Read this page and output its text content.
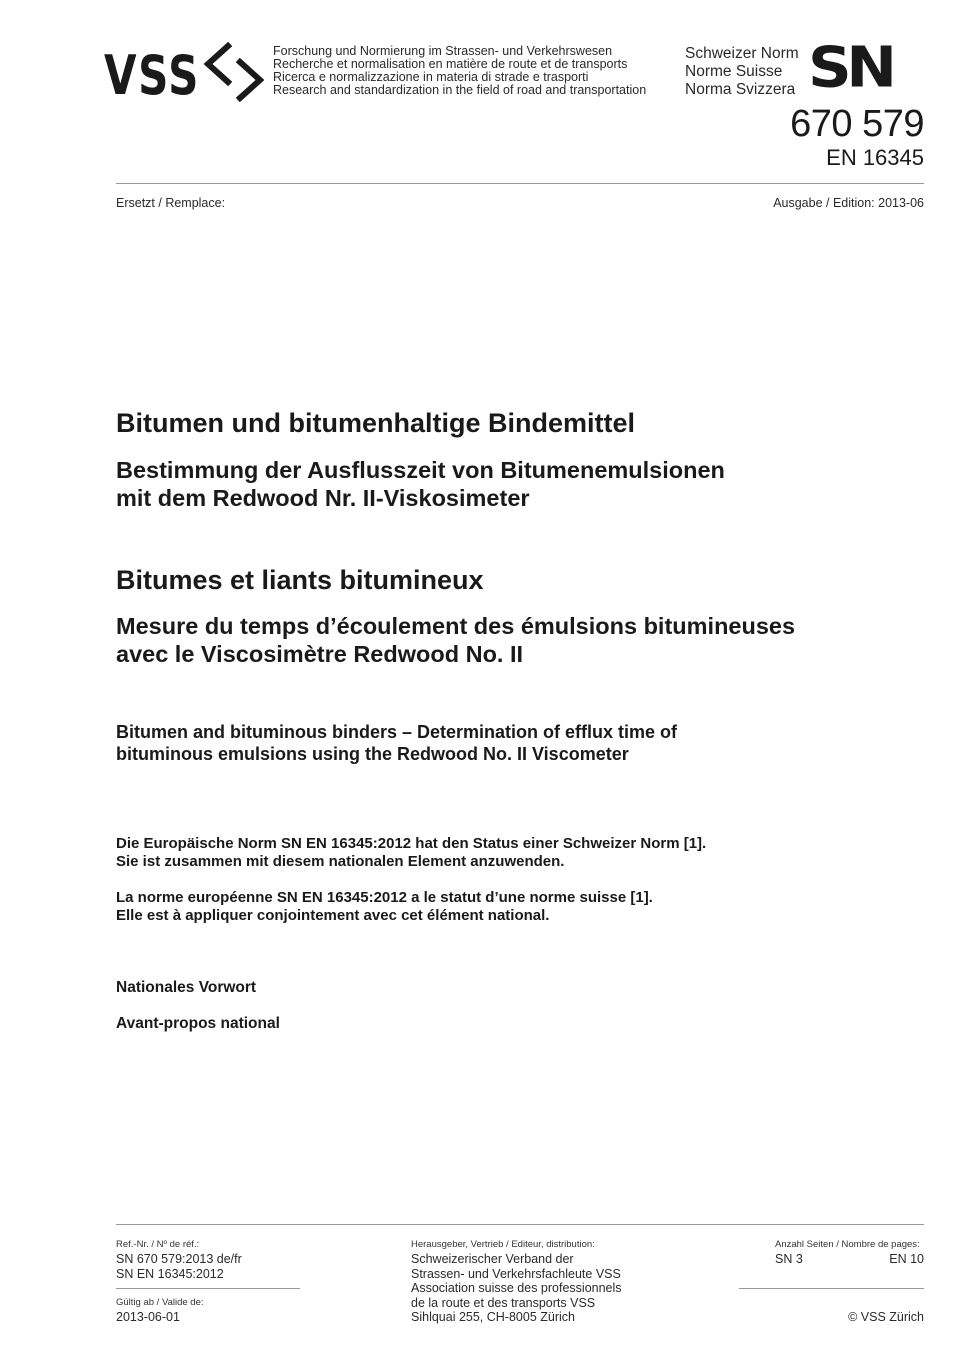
VSS	Forschung und Normierung im Strassen- und Verkehrswesen
Recherche et normalisation en matière de route et de transports
Ricerca e normalizzazione in materia di strade e trasporti
Research and standardization in the field of road and transportation
Schweizer Norm
Norme Suisse
Norma Svizzera SN
670 579
EN 16345
Ersetzt / Remplace:	Ausgabe / Edition: 2013-06
Bitumen und bitumenhaltige Bindemittel
Bestimmung der Ausflusszeit von Bitumenemulsionen
mit dem Redwood Nr. II-Viskosimeter
Bitumes et liants bitumineux
Mesure du temps d’écoulement des émulsions bitumineuses
avec le Viscosimètre Redwood No. II
Bitumen and bituminous binders – Determination of efflux time of
bituminous emulsions using the Redwood No. II Viscometer
Die Europäische Norm SN EN 16345:2012 hat den Status einer Schweizer Norm [1].
Sie ist zusammen mit diesem nationalen Element anzuwenden.
La norme européenne SN EN 16345:2012 a le statut d’une norme suisse [1].
Elle est à appliquer conjointement avec cet élément national.
Nationales Vorwort
Avant-propos national
Ref.-Nr. / Nº de réf.:
SN 670 579:2013 de/fr
SN EN 16345:2012
Gültig ab / Valide de:
2013-06-01
Herausgeber, Vertrieb / Editeur, distribution:
Schweizerischer Verband der
Strassen- und Verkehrsfachleute VSS
Association suisse des professionnels
de la route et des transports VSS
Sihlquai 255, CH-8005 Zürich
Anzahl Seiten / Nombre de pages:
SN 3	EN 10
© VSS Zürich
